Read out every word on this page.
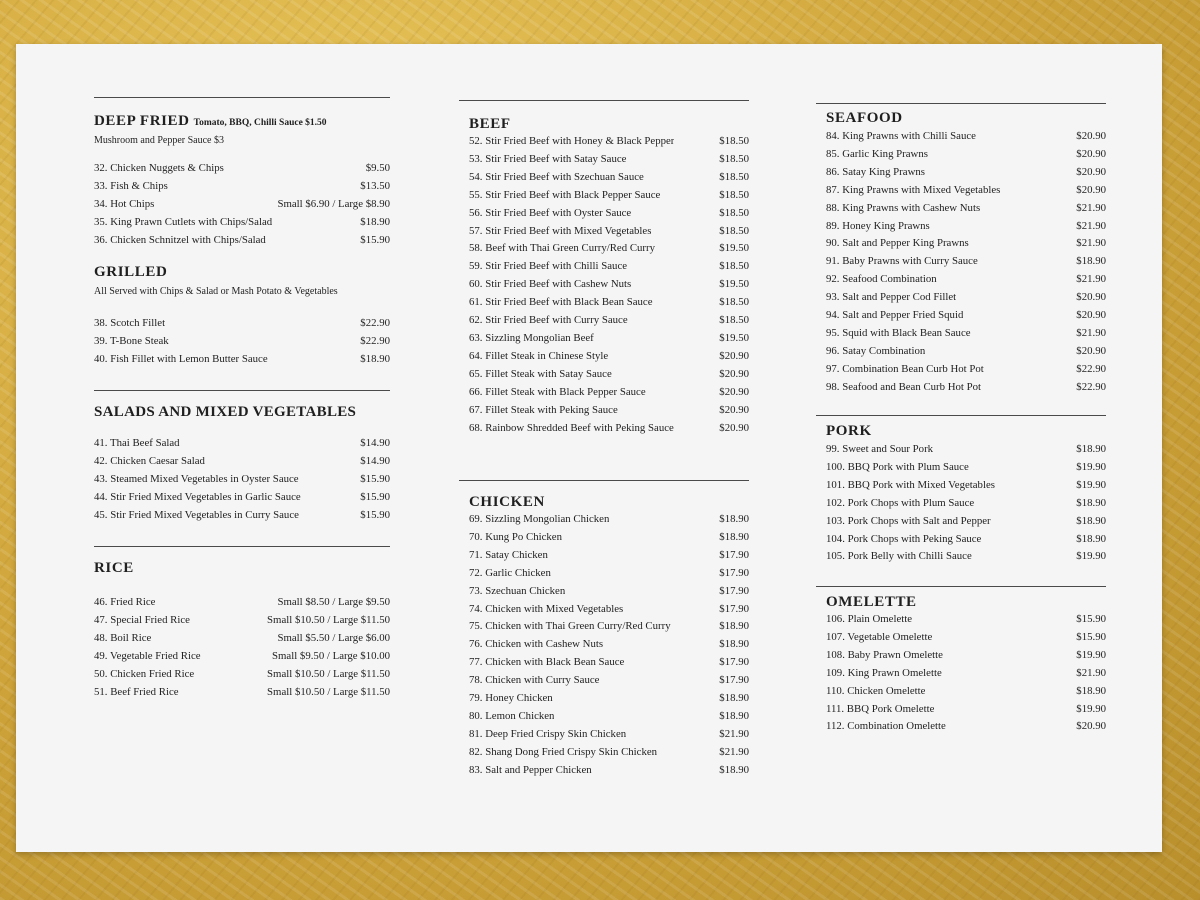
DEEP FRIED Tomato, BBQ, Chilli Sauce $1.50
Mushroom and Pepper Sauce $3
32. Chicken Nuggets & Chips	$9.50
33. Fish & Chips	$13.50
34. Hot Chips	Small $6.90 / Large $8.90
35. King Prawn Cutlets with Chips/Salad	$18.90
36. Chicken Schnitzel with Chips/Salad	$15.90
GRILLED
All Served with Chips & Salad or Mash Potato & Vegetables
38. Scotch Fillet	$22.90
39. T-Bone Steak	$22.90
40. Fish Fillet with Lemon Butter Sauce	$18.90
SALADS AND MIXED VEGETABLES
41. Thai Beef Salad	$14.90
42. Chicken Caesar Salad	$14.90
43. Steamed Mixed Vegetables in Oyster Sauce	$15.90
44. Stir Fried Mixed Vegetables in Garlic Sauce	$15.90
45. Stir Fried Mixed Vegetables in Curry Sauce	$15.90
RICE
46. Fried Rice	Small $8.50 / Large $9.50
47. Special Fried Rice	Small $10.50 / Large $11.50
48. Boil Rice	Small $5.50 / Large $6.00
49. Vegetable Fried Rice	Small $9.50 / Large $10.00
50. Chicken Fried Rice	Small $10.50 / Large $11.50
51. Beef Fried Rice	Small $10.50 / Large $11.50
BEEF
52. Stir Fried Beef with Honey & Black Pepper	$18.50
53. Stir Fried Beef with Satay Sauce	$18.50
54. Stir Fried Beef with Szechuan Sauce	$18.50
55. Stir Fried Beef with Black Pepper Sauce	$18.50
56. Stir Fried Beef with Oyster Sauce	$18.50
57. Stir Fried Beef with Mixed Vegetables	$18.50
58. Beef with Thai Green Curry/Red Curry	$19.50
59. Stir Fried Beef with Chilli Sauce	$18.50
60. Stir Fried Beef with Cashew Nuts	$19.50
61. Stir Fried Beef with Black Bean Sauce	$18.50
62. Stir Fried Beef with Curry Sauce	$18.50
63. Sizzling Mongolian Beef	$19.50
64. Fillet Steak in Chinese Style	$20.90
65. Fillet Steak with Satay Sauce	$20.90
66. Fillet Steak with Black Pepper Sauce	$20.90
67. Fillet Steak with Peking Sauce	$20.90
68. Rainbow Shredded Beef with Peking Sauce	$20.90
CHICKEN
69. Sizzling Mongolian Chicken	$18.90
70. Kung Po Chicken	$18.90
71. Satay Chicken	$17.90
72. Garlic Chicken	$17.90
73. Szechuan Chicken	$17.90
74. Chicken with Mixed Vegetables	$17.90
75. Chicken with Thai Green Curry/Red Curry	$18.90
76. Chicken with Cashew Nuts	$18.90
77. Chicken with Black Bean Sauce	$17.90
78. Chicken with Curry Sauce	$17.90
79. Honey Chicken	$18.90
80. Lemon Chicken	$18.90
81. Deep Fried Crispy Skin Chicken	$21.90
82. Shang Dong Fried Crispy Skin Chicken	$21.90
83. Salt and Pepper Chicken	$18.90
SEAFOOD
84. King Prawns with Chilli Sauce	$20.90
85. Garlic King Prawns	$20.90
86. Satay King Prawns	$20.90
87. King Prawns with Mixed Vegetables	$20.90
88. King Prawns with Cashew Nuts	$21.90
89. Honey King Prawns	$21.90
90. Salt and Pepper King Prawns	$21.90
91. Baby Prawns with Curry Sauce	$18.90
92. Seafood Combination	$21.90
93. Salt and Pepper Cod Fillet	$20.90
94. Salt and Pepper Fried Squid	$20.90
95. Squid with Black Bean Sauce	$21.90
96. Satay Combination	$20.90
97. Combination Bean Curb Hot Pot	$22.90
98. Seafood and Bean Curb Hot Pot	$22.90
PORK
99. Sweet and Sour Pork	$18.90
100. BBQ Pork with Plum Sauce	$19.90
101. BBQ Pork with Mixed Vegetables	$19.90
102. Pork Chops with Plum Sauce	$18.90
103. Pork Chops with Salt and Pepper	$18.90
104. Pork Chops with Peking Sauce	$18.90
105. Pork Belly with Chilli Sauce	$19.90
OMELETTE
106. Plain Omelette	$15.90
107. Vegetable Omelette	$15.90
108. Baby Prawn Omelette	$19.90
109. King Prawn Omelette	$21.90
110. Chicken Omelette	$18.90
111. BBQ Pork Omelette	$19.90
112. Combination Omelette	$20.90
